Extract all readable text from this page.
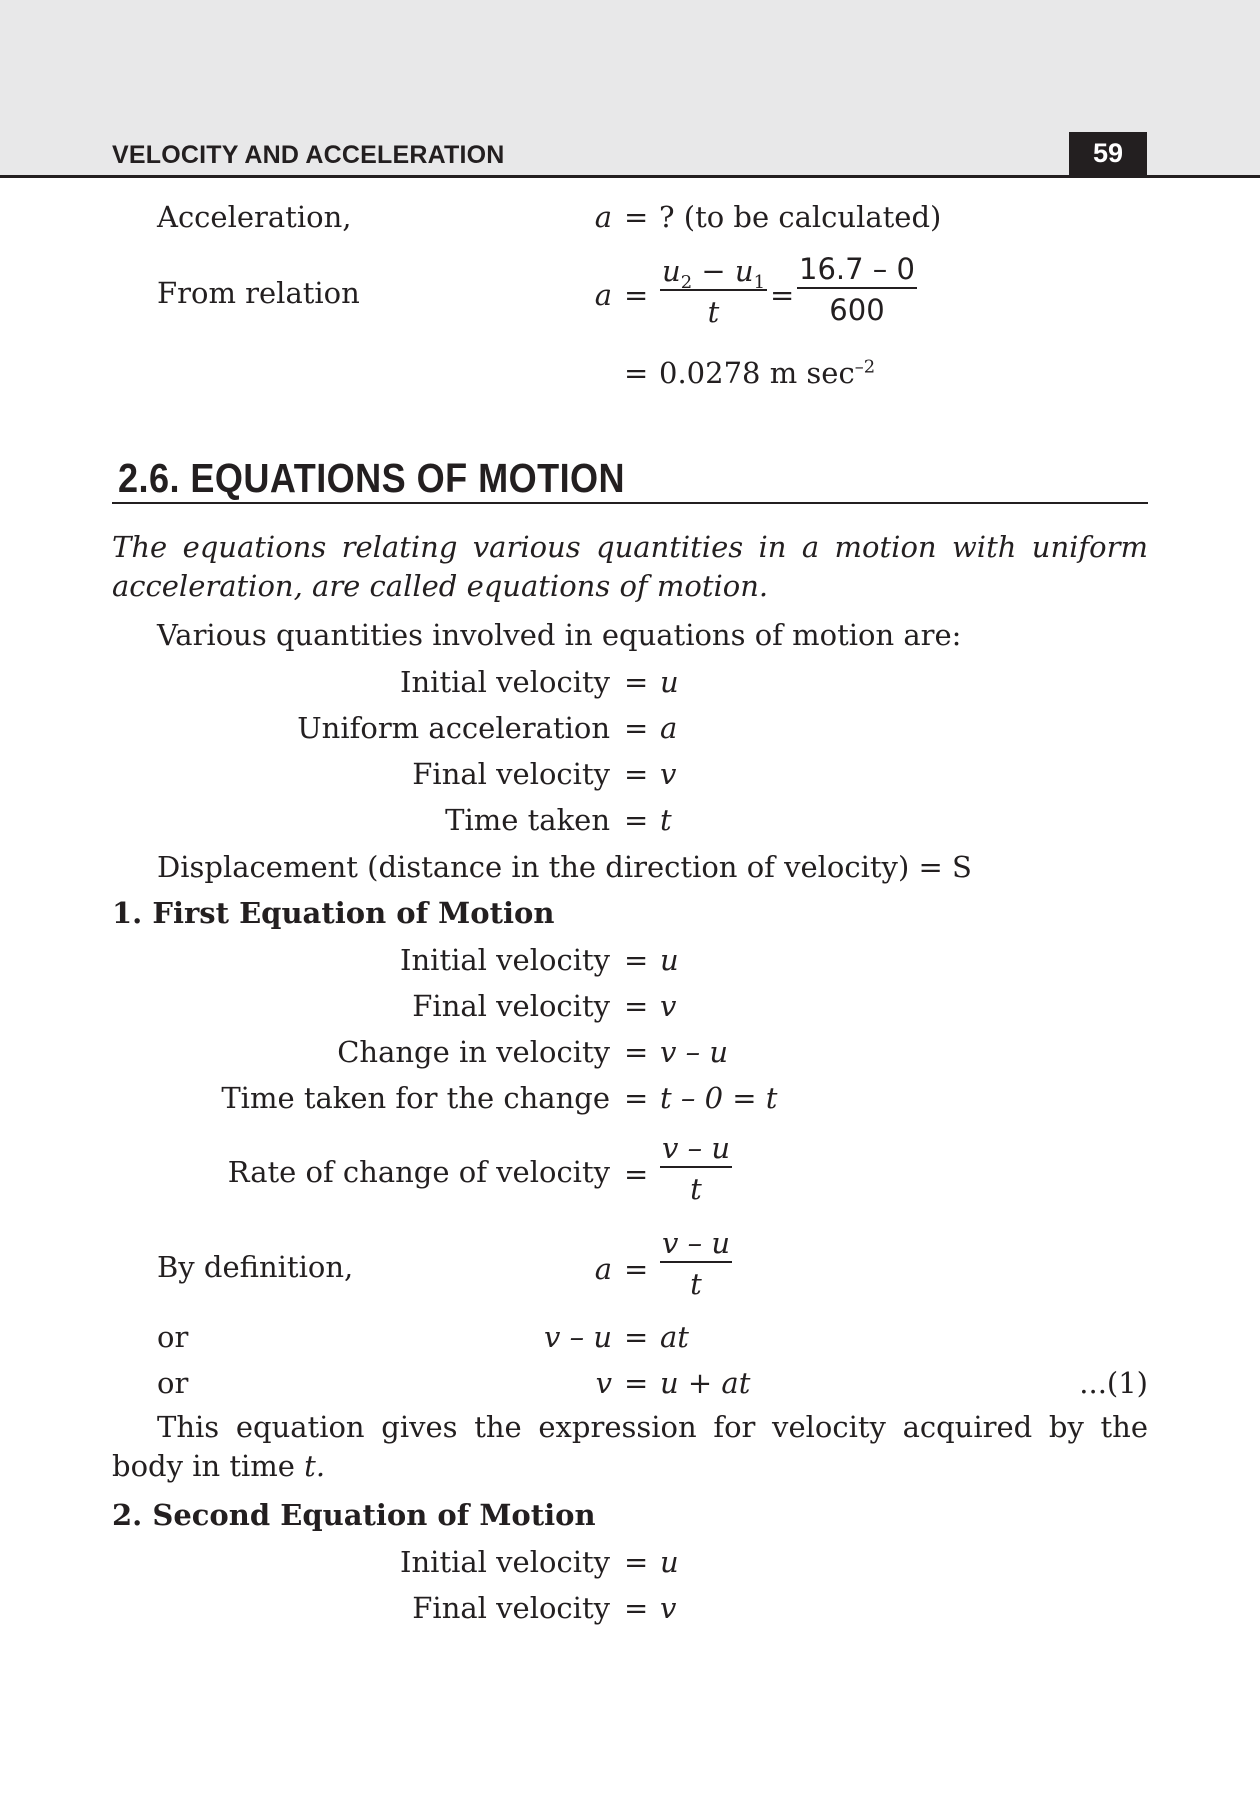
VELOCITY AND ACCELERATION	59
Acceleration,	a = ? (to be calculated)
From relation	$a = \frac{u_2 - u_1}{t} = \frac{16.7 - 0}{600}$
= 0.0278 m $\sec^{-2}$
2.6. EQUATIONS OF MOTION
The equations relating various quantities in a motion with uniform acceleration, are called equations of motion.
Various quantities involved in equations of motion are:
Initial velocity = u
Uniform acceleration = a
Final velocity = v
Time taken = t
Displacement (distance in the direction of velocity) = S
1. First Equation of Motion
Initial velocity = u
Final velocity = v
Change in velocity = v – u
Time taken for the change = t – 0 = t
Rate of change of velocity = $\frac{v - u}{t}$
By definition,	$a = \frac{v - u}{t}$
or	v – u = at
or	v = u + at	...(1)
This equation gives the expression for velocity acquired by the body in time t.
2. Second Equation of Motion
Initial velocity = u
Final velocity = v
